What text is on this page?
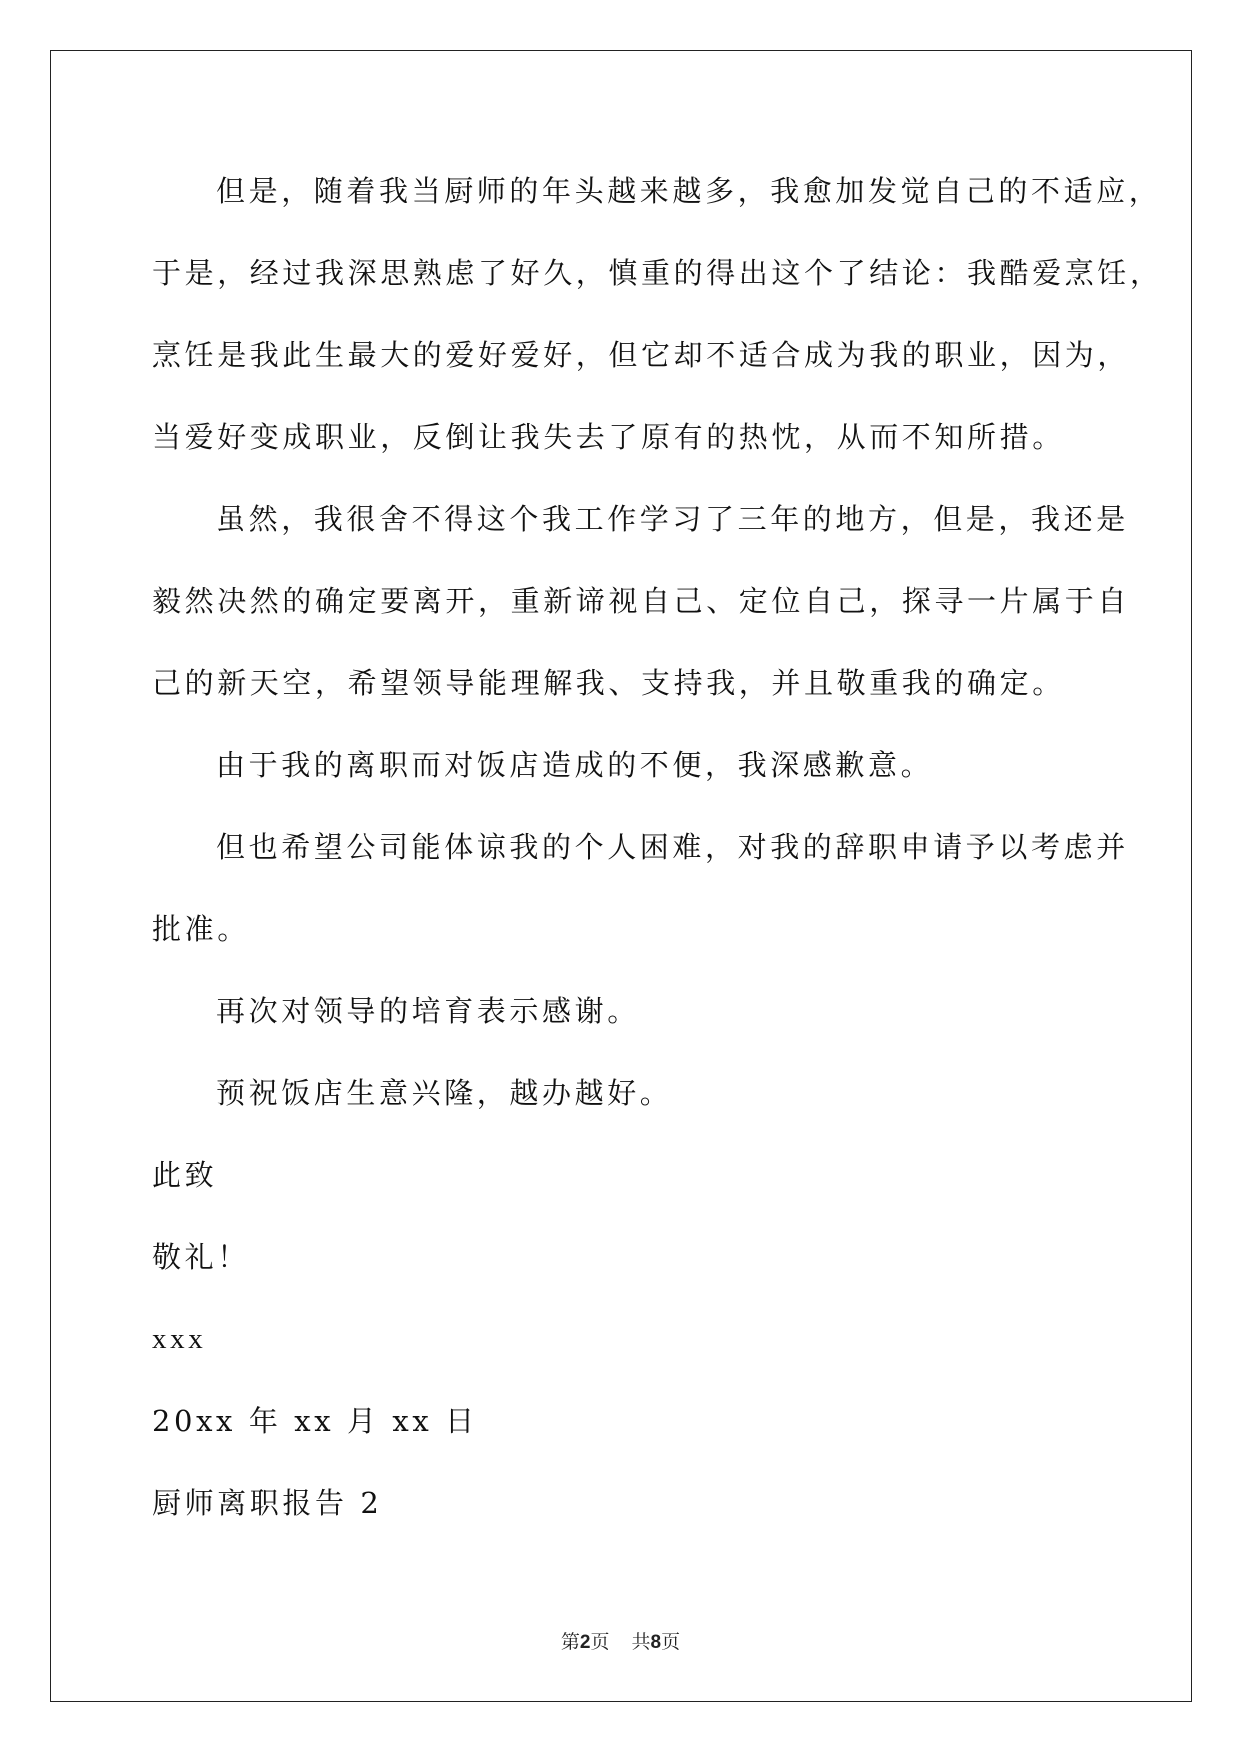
但是，随着我当厨师的年头越来越多，我愈加发觉自己的不适应，

于是，经过我深思熟虑了好久，慎重的得出这个了结论：我酷爱烹饪，

烹饪是我此生最大的爱好爱好，但它却不适合成为我的职业，因为，

当爱好变成职业，反倒让我失去了原有的热忱，从而不知所措。

虽然，我很舍不得这个我工作学习了三年的地方，但是，我还是

毅然决然的确定要离开，重新谛视自己、定位自己，探寻一片属于自

己的新天空，希望领导能理解我、支持我，并且敬重我的确定。

由于我的离职而对饭店造成的不便，我深感歉意。

但也希望公司能体谅我的个人困难，对我的辞职申请予以考虑并

批准。

再次对领导的培育表示感谢。

预祝饭店生意兴隆，越办越好。

此致

敬礼！

xxx

20xx 年 xx 月 xx 日

厨师离职报告 2

第2页 共8页
